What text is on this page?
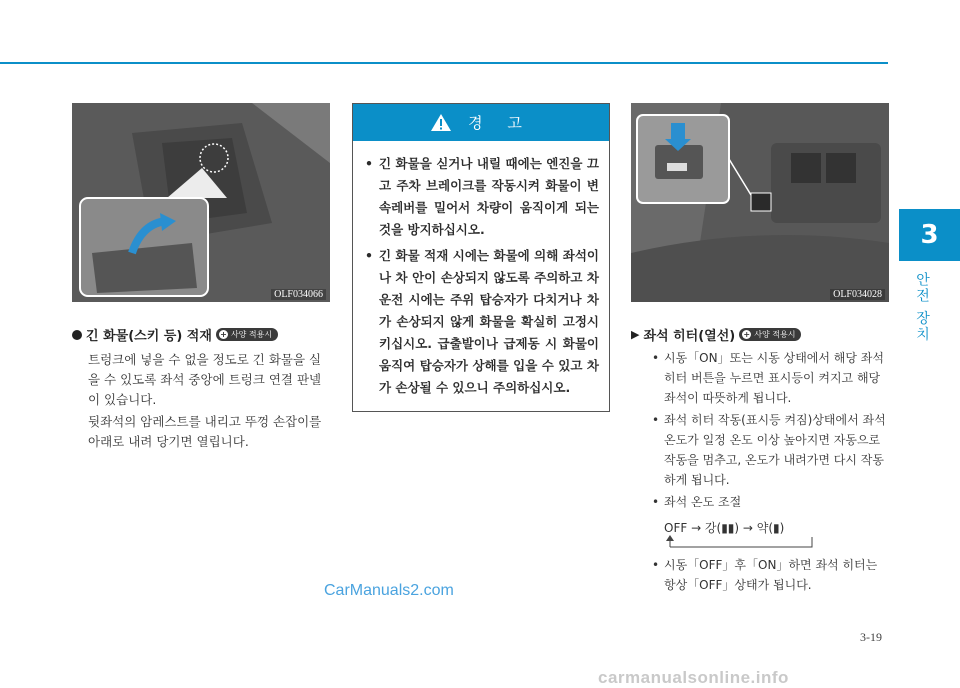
3
안전 장치
OLF034066
긴 화물(스키 등) 적재 + 사양 적용시
트렁크에 넣을 수 없을 정도로 긴 화물을 실을 수 있도록 좌석 중앙에 트렁크 연결 판넬이 있습니다.
뒷좌석의 암레스트를 내리고 뚜껑 손잡이를 아래로 내려 당기면 열립니다.
경 고
• 긴 화물을 싣거나 내릴 때에는 엔진을 끄고 주차 브레이크를 작동시켜 화물이 변속레버를 밀어서 차량이 움직이게 되는 것을 방지하십시오.
• 긴 화물 적재 시에는 화물에 의해 좌석이나 차 안이 손상되지 않도록 주의하고 차 운전 시에는 주위 탑승자가 다치거나 차가 손상되지 않게 화물을 확실히 고정시키십시오. 급출발이나 급제동 시 화물이 움직여 탑승자가 상해를 입을 수 있고 차가 손상될 수 있으니 주의하십시오.
OLF034028
▶ 좌석 히터(열선) + 사양 적용시
• 시동「ON」또는 시동 상태에서 해당 좌석 히터 버튼을 누르면 표시등이 켜지고 해당 좌석이 따뜻하게 됩니다.
• 좌석 히터 작동(표시등 켜짐)상태에서 좌석 온도가 일정 온도 이상 높아지면 자동으로 작동을 멈추고, 온도가 내려가면 다시 작동하게 됩니다.
• 좌석 온도 조절
OFF → 강(▮▮) → 약(▮)
• 시동「OFF」후「ON」하면 좌석 히터는 항상「OFF」상태가 됩니다.
CarManuals2.com
3-19
carmanualsonline.info
